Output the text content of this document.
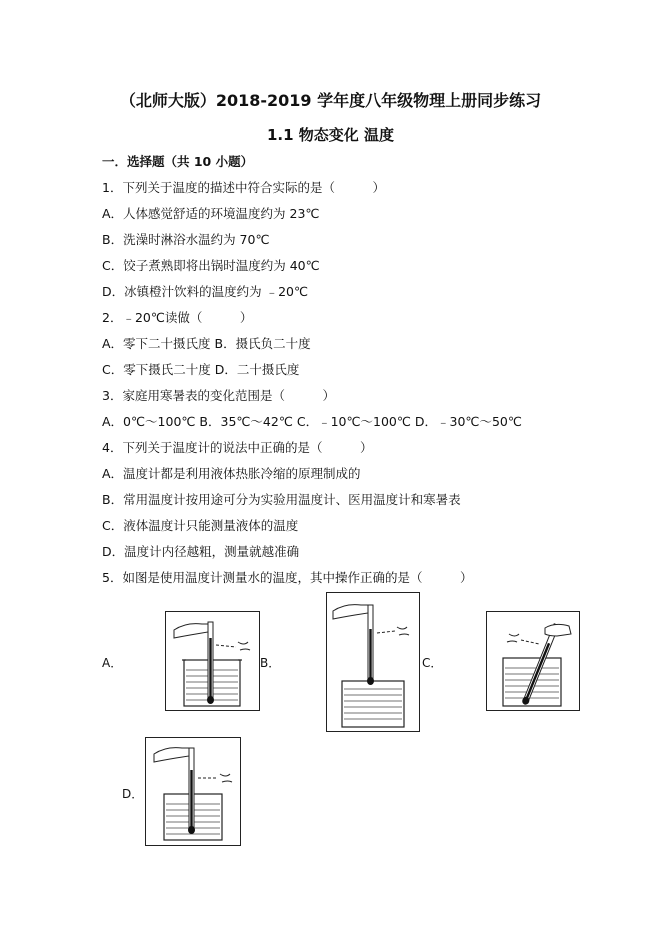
（北师大版）2018-2019 学年度八年级物理上册同步练习
1.1 物态变化 温度
一．选择题（共 10 小题）
1．下列关于温度的描述中符合实际的是（　　　）
A．人体感觉舒适的环境温度约为 23℃
B．洗澡时淋浴水温约为 70℃
C．饺子煮熟即将出锅时温度约为 40℃
D．冰镇橙汁饮料的温度约为 ﹣20℃
2．﹣20℃读做（　　　）
A．零下二十摄氏度 B．摄氏负二十度
C．零下摄氏二十度 D．二十摄氏度
3．家庭用寒暑表的变化范围是（　　　）
A．0℃～100℃ B．35℃～42℃ C．﹣10℃～100℃ D．﹣30℃～50℃
4．下列关于温度计的说法中正确的是（　　　）
A．温度计都是利用液体热胀冷缩的原理制成的
B．常用温度计按用途可分为实验用温度计、医用温度计和寒暑表
C．液体温度计只能测量液体的温度
D．温度计内径越粗，测量就越准确
5．如图是使用温度计测量水的温度，其中操作正确的是（　　　）
A．	B．	C．
D．
